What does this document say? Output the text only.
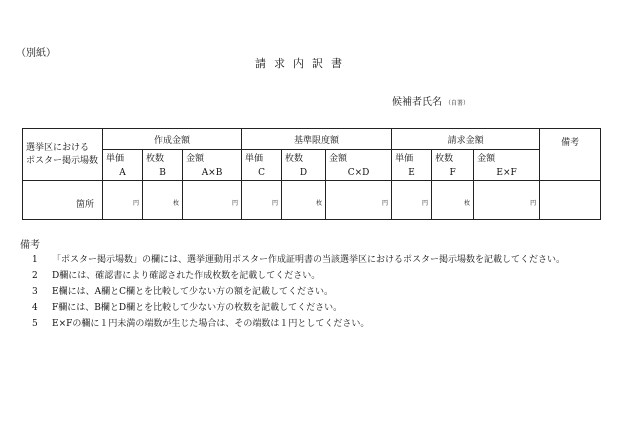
（別紙）
請求内訳書
候補者氏名 （自署）
選挙区における
ポスター掲示場数	作成金額			基準限度額			請求金額			備考
	単価	枚数	金額	単価	枚数	金額	単価	枚数	金額	
	A	B	A×B	C	D	C×D	E	F	E×F	
箇所	円	枚	円	円	枚	円	円	枚	円	

備考
1 「ポスター掲示場数」の欄には、選挙運動用ポスター作成証明書の当該選挙区におけるポスター掲示場数を記載してください。
2 D欄には、確認書により確認された作成枚数を記載してください。
3 E欄には、A欄とC欄とを比較して少ない方の額を記載してください。
4 F欄には、B欄とD欄とを比較して少ない方の枚数を記載してください。
5 E×Fの欄に１円未満の端数が生じた場合は、その端数は１円としてください。
